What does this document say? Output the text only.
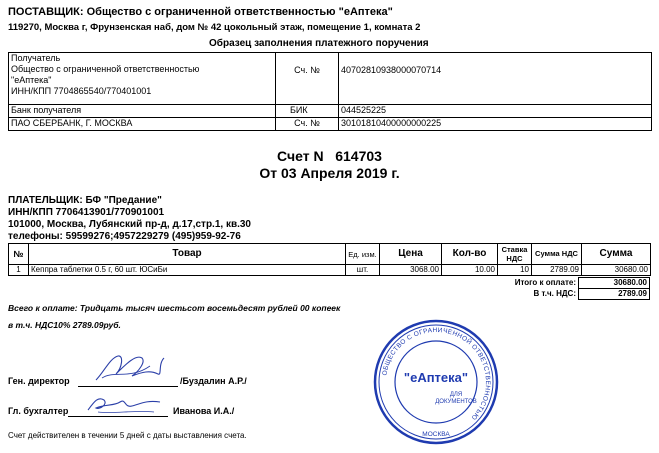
ПОСТАВЩИК: Общество с ограниченной ответственностью "еАптека"
119270, Москва г, Фрунзенская наб, дом № 42 цокольный этаж, помещение 1, комната 2
Образец заполнения платежного поручения
Получатель
Общество с ограниченной ответственностью
"еАптека"
ИНН/КПП 7704865540/770401001	Сч. №	40702810938000070714
Банк получателя	БИК	044525225
ПАО СБЕРБАНК, Г. МОСКВА	Сч. №	30101810400000000225
Счет N   614703
От 03 Апреля 2019 г.
ПЛАТЕЛЬЩИК: БФ "Предание"
ИНН/КПП 7706413901/770901001
101000, Москва, Лубянский пр-д, д.17,стр.1, кв.30
телефоны: 59599276;4957229279 (495)959-92-76
№	Товар	Ед. изм.	Цена	Кол-во	Ставка НДС	Сумма НДС	Сумма
1	Кеппра таблетки 0.5 г, 60 шт. ЮСиБи	шт.	3068.00	10.00	10	2789.09	30680.00
Итого к оплате:	30680.00
В т.ч. НДС:	2789.09
Всего к оплате: Тридцать тысяч шестьсот восемьдесят рублей 00 копеек
в т.ч. НДС10% 2789.09руб.
ОБЩЕСТВО С ОГРАНИЧЕННОЙ ОТВЕТСТВЕННОСТЬЮ
"еАптека"
ДЛЯ
ДОКУМЕНТОВ
МОСКВА
Ген. директор	/Буздалин А.Р./
Гл. бухгалтер	Иванова И.А./
Счет действителен в течении 5 дней с даты выставления счета.
